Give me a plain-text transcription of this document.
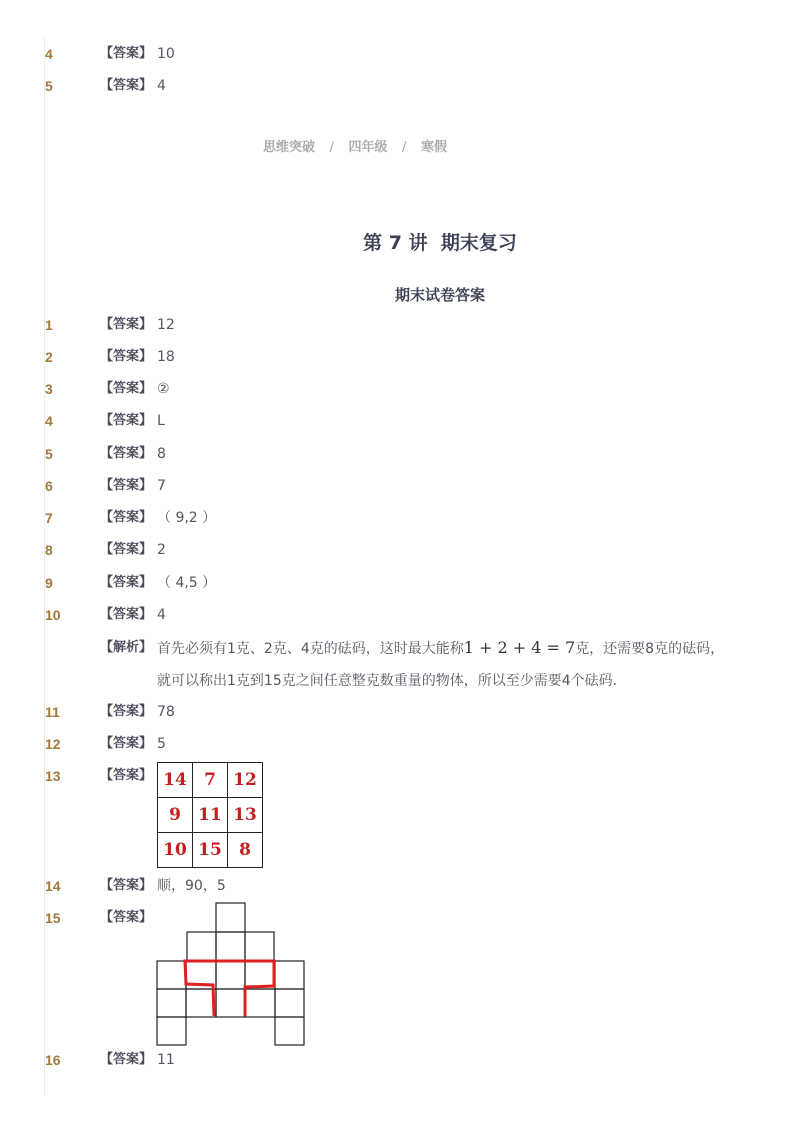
4	【答案】 10
5	【答案】 4
思维突破 / 四年级 / 寒假
第 7 讲  期末复习
期末试卷答案
1	【答案】 12
2	【答案】 18
3	【答案】 ②
4	【答案】 L
5	【答案】 8
6	【答案】 7
7	【答案】 （ 9,2 ）
8	【答案】 2
9	【答案】 （ 4,5 ）
10	【答案】 4
【解析】 首先必须有1克、2克、4克的砝码，这时最大能称1 + 2 + 4 = 7克，还需要8克的砝码，
就可以称出1克到15克之间任意整克数重量的物体，所以至少需要4个砝码．
11	【答案】 78
12	【答案】 5
13	【答案】 14	7	12
9	11	13
10	15	8
14	【答案】 顺，90，5
15	【答案】
16	【答案】 11
